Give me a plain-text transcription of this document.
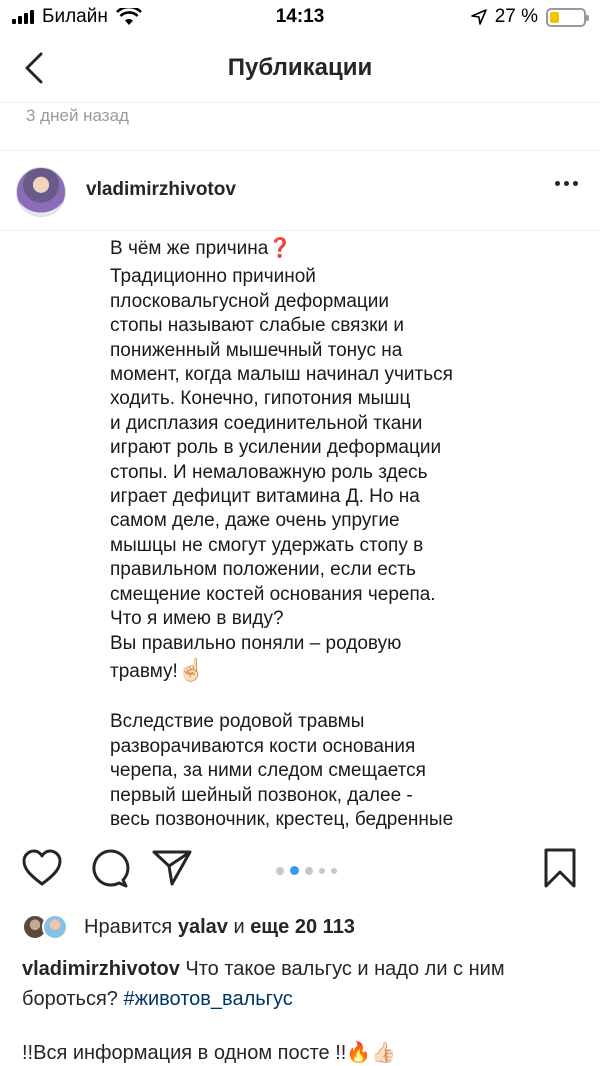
Билайн	14:13	27 %
Публикации
3 дней назад
vladimirzhivotov

В чём же причина❓

Традиционно причиной
плосковальгусной деформации
стопы называют слабые связки и
пониженный мышечный тонус на
момент, когда малыш начинал учиться
ходить. Конечно, гипотония мышц
и дисплазия соединительной ткани
играют роль в усилении деформации
стопы. И немаловажную роль здесь
играет дефицит витамина Д. Но на
самом деле, даже очень упругие
мышцы не смогут удержать стопу в
правильном положении, если есть
смещение костей основания черепа.
Что я имею в виду?
Вы правильно поняли – родовую

травму!☝🏻

Вследствие родовой травмы
разворачиваются кости основания
черепа, за ними следом смещается
первый шейный позвонок, далее -
весь позвоночник, крестец, бедренные

Нравится yalav и еще 20 113
vladimirzhivotov Что такое вальгус и надо ли с ним бороться? #животов_вальгус
!!Вся информация в одном посте !!🔥👍🏻
